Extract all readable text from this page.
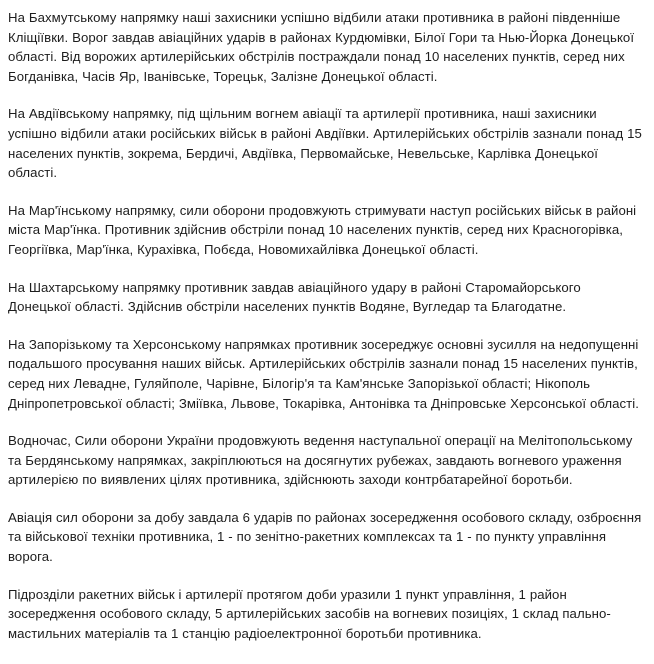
На Бахмутському напрямку наші захисники успішно відбили атаки противника в районі південніше Кліщіївки. Ворог завдав авіаційних ударів в районах Курдюмівки, Білої Гори та Нью-Йорка Донецької області. Від ворожих артилерійських обстрілів постраждали понад 10 населених пунктів, серед них Богданівка, Часів Яр, Іванівське, Торецьк, Залізне Донецької області.

На Авдіївському напрямку, під щільним вогнем авіації та артилерії противника, наші захисники успішно відбили атаки російських військ в районі Авдіївки. Артилерійських обстрілів зазнали понад 15 населених пунктів, зокрема, Бердичі, Авдіївка, Первомайське, Невельське, Карлівка Донецької області.

На Мар'їнському напрямку, сили оборони продовжують стримувати наступ російських військ в районі міста Мар'їнка. Противник здійснив обстріли понад 10 населених пунктів, серед них Красногорівка, Георгіївка, Мар'їнка, Курахівка, Побєда, Новомихайлівка Донецької області.

На Шахтарському напрямку противник завдав авіаційного удару в районі Старомайорського Донецької області. Здійснив обстріли населених пунктів Водяне, Вугледар та Благодатне.

На Запорізькому та Херсонському напрямках противник зосереджує основні зусилля на недопущенні подальшого просування наших військ. Артилерійських обстрілів зазнали понад 15 населених пунктів, серед них Левадне, Гуляйполе, Чарівне, Білогір'я та Кам'янське Запорізької області; Нікополь Дніпропетровської області; Зміївка, Львове, Токарівка, Антонівка та Дніпровське Херсонської області.

Водночас, Сили оборони України продовжують ведення наступальної операції на Мелітопольському та Бердянському напрямках, закріплюються на досягнутих рубежах, завдають вогневого ураження артилерією по виявлених цілях противника, здійснюють заходи контрбатарейної боротьби.

Авіація сил оборони за добу завдала 6 ударів по районах зосередження особового складу, озброєння та військової техніки противника, 1 - по зенітно-ракетних комплексах та 1 - по пункту управління ворога.

Підрозділи ракетних військ і артилерії протягом доби уразили 1 пункт управління, 1 район зосередження особового складу, 5 артилерійських засобів на вогневих позиціях, 1 склад пально-мастильних матеріалів та 1 станцію радіоелектронної боротьби противника.
